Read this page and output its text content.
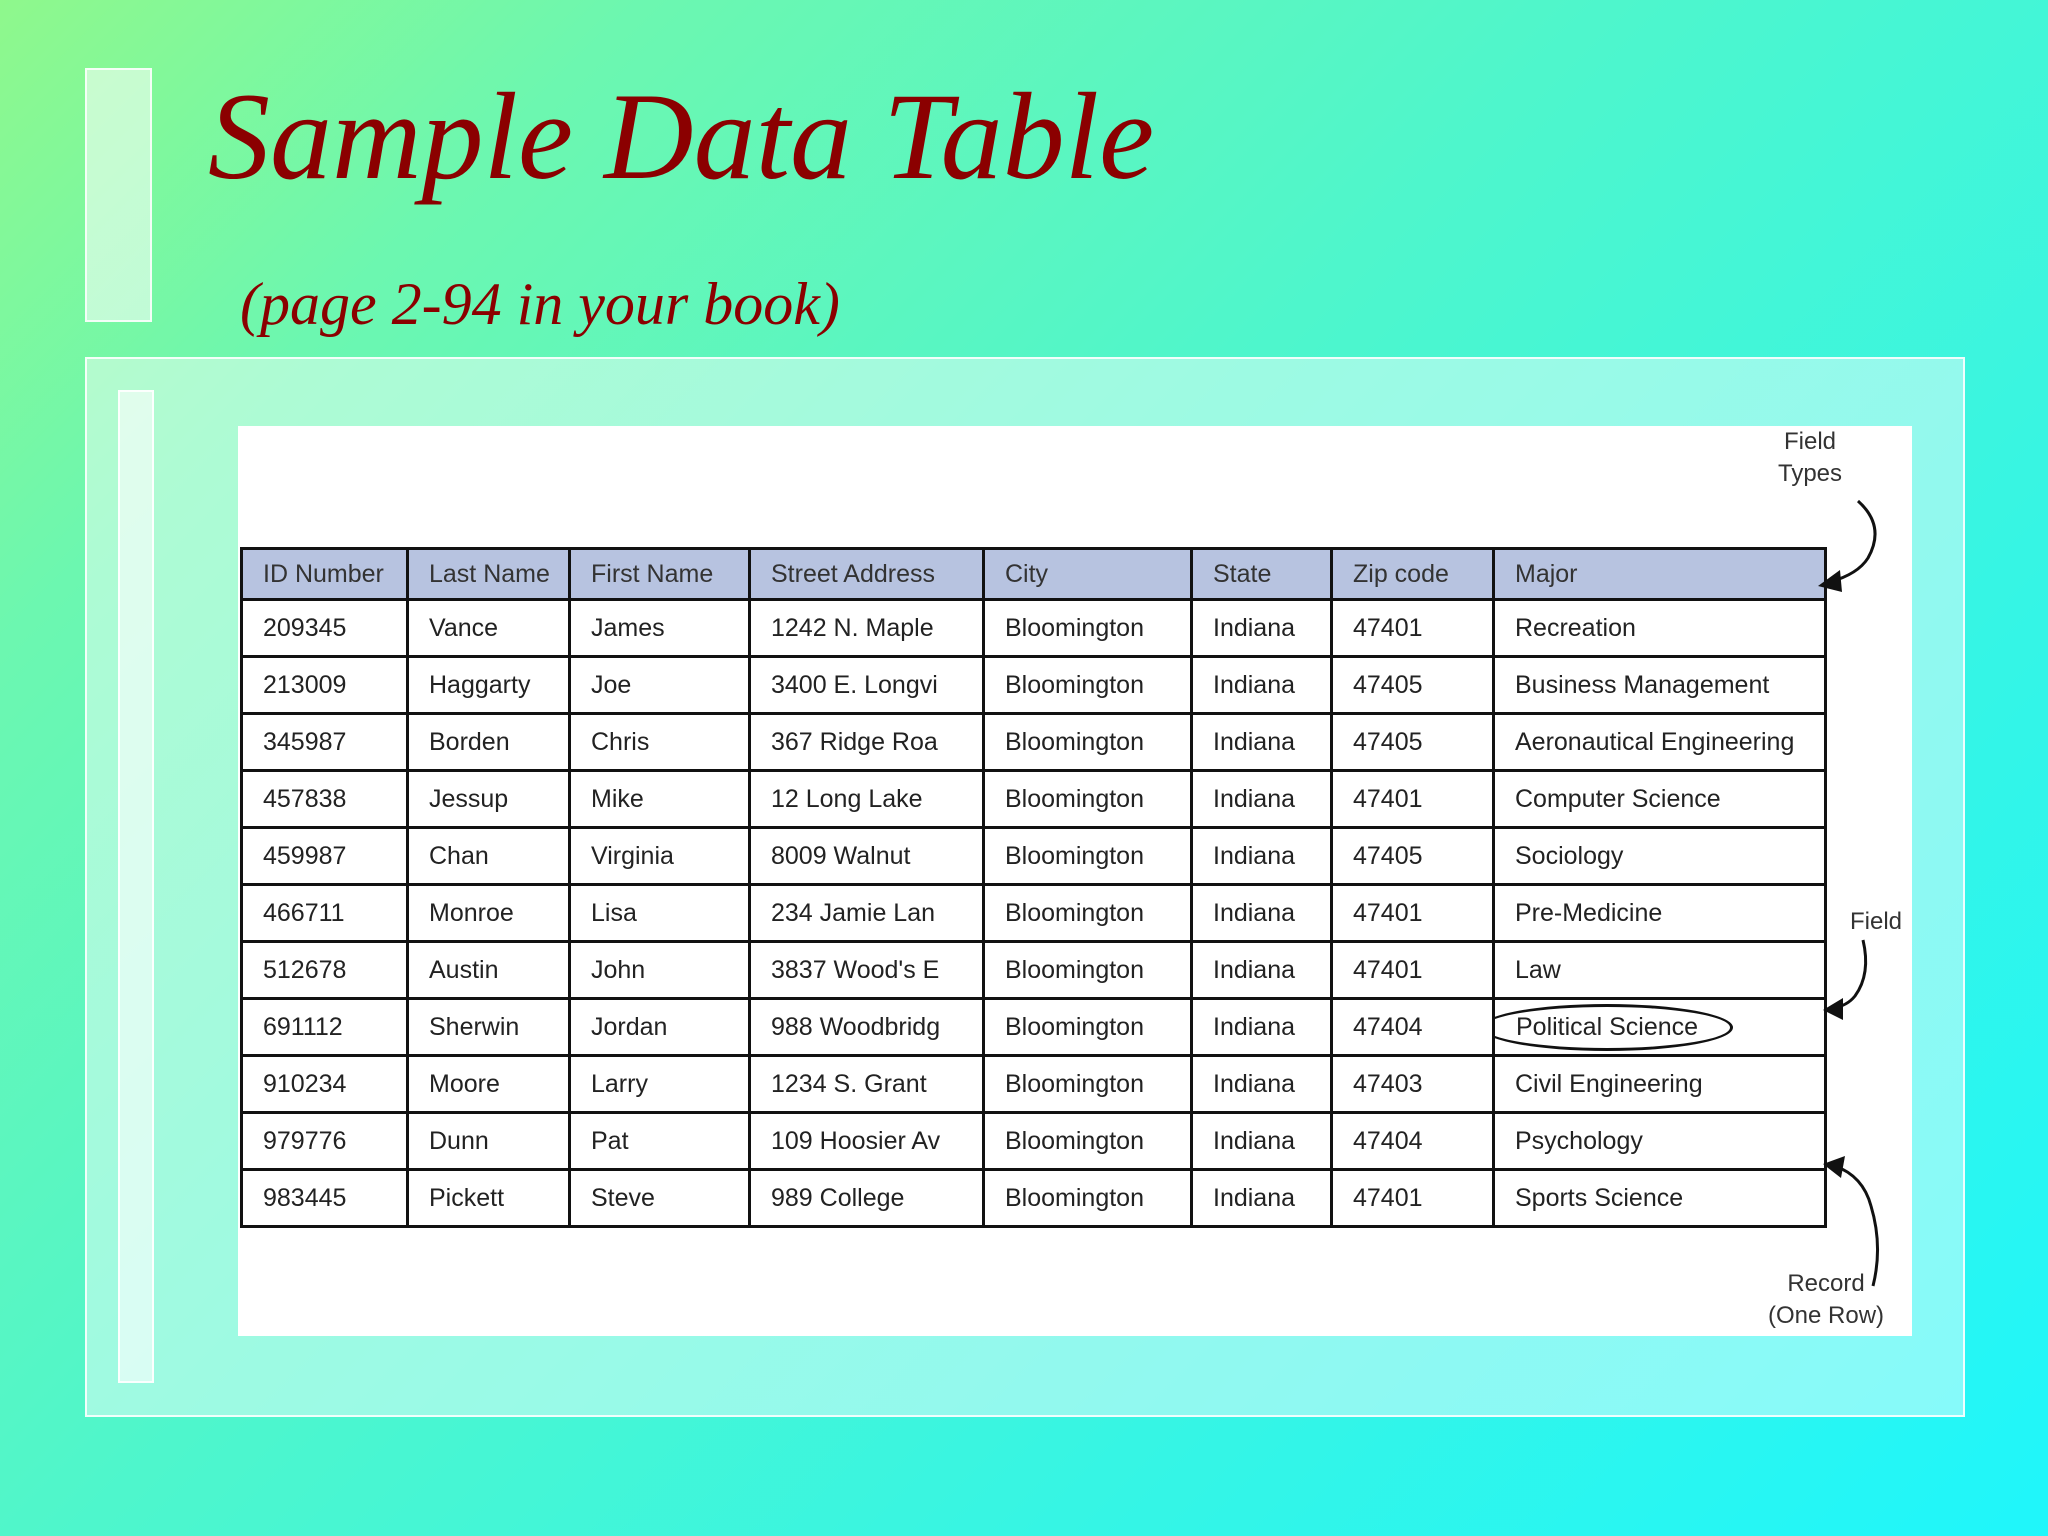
Sample Data Table
(page 2-94 in your book)
ID Number	Last Name	First Name	Street Address	City	State	Zip code	Major
209345	Vance	James	1242 N. Maple	Bloomington	Indiana	47401	Recreation
213009	Haggarty	Joe	3400 E. Longvi	Bloomington	Indiana	47405	Business Management
345987	Borden	Chris	367 Ridge Roa	Bloomington	Indiana	47405	Aeronautical Engineering
457838	Jessup	Mike	12 Long Lake	Bloomington	Indiana	47401	Computer Science
459987	Chan	Virginia	8009 Walnut	Bloomington	Indiana	47405	Sociology
466711	Monroe	Lisa	234 Jamie Lan	Bloomington	Indiana	47401	Pre-Medicine
512678	Austin	John	3837 Wood's E	Bloomington	Indiana	47401	Law
691112	Sherwin	Jordan	988 Woodbridg	Bloomington	Indiana	47404	Political Science
910234	Moore	Larry	1234 S. Grant	Bloomington	Indiana	47403	Civil Engineering
979776	Dunn	Pat	109 Hoosier Av	Bloomington	Indiana	47404	Psychology
983445	Pickett	Steve	989 College	Bloomington	Indiana	47401	Sports Science
Field
Types
Field
Record
(One Row)
